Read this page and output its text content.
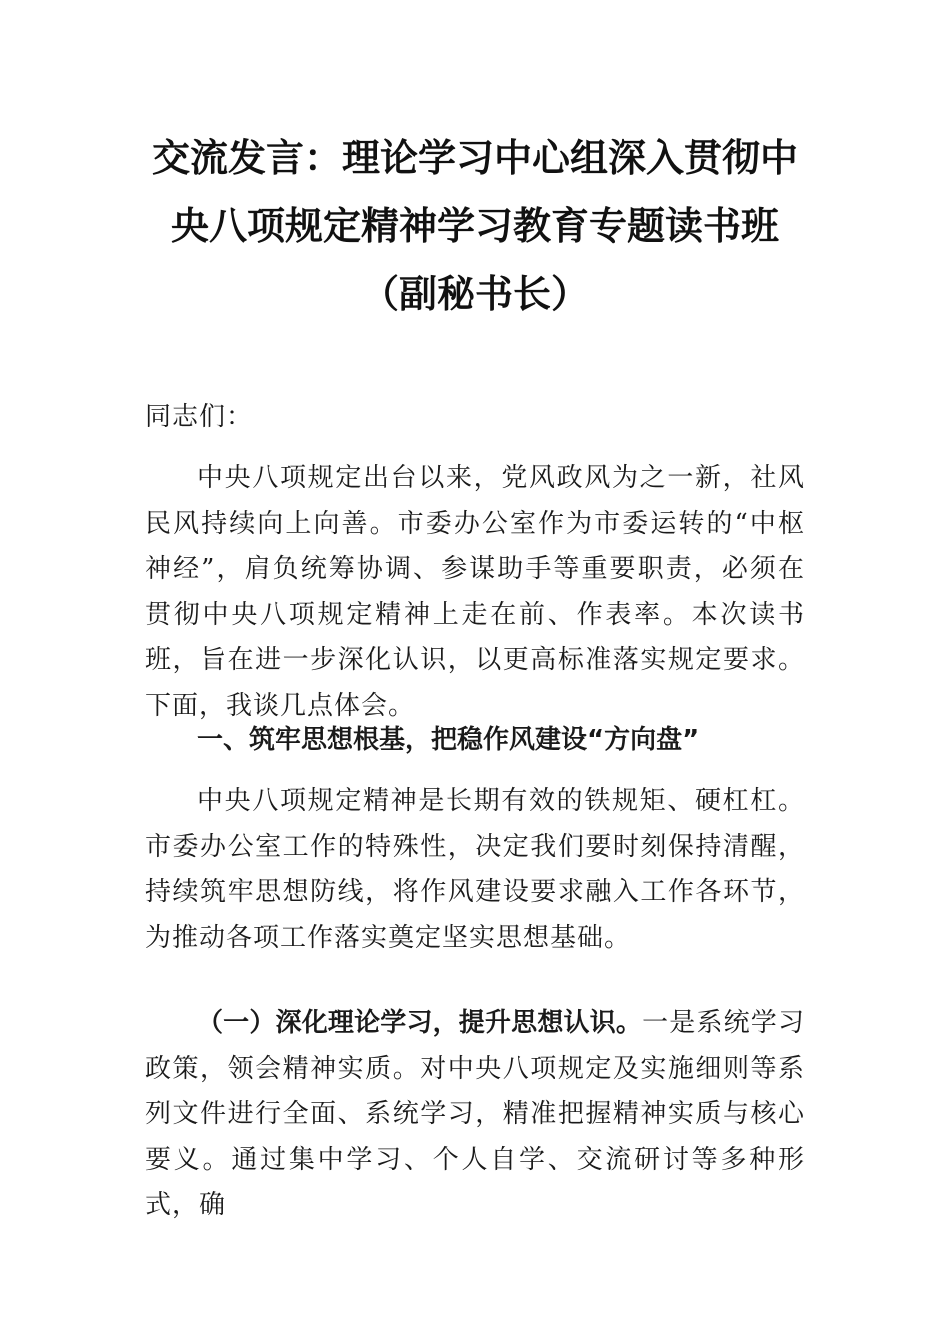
交流发言：理论学习中心组深入贯彻中央八项规定精神学习教育专题读书班（副秘书长）

同志们：

中央八项规定出台以来，党风政风为之一新，社风民风持续向上向善。市委办公室作为市委运转的“中枢神经”，肩负统筹协调、参谋助手等重要职责，必须在贯彻中央八项规定精神上走在前、作表率。本次读书班，旨在进一步深化认识，以更高标准落实规定要求。下面，我谈几点体会。

一、筑牢思想根基，把稳作风建设“方向盘”

中央八项规定精神是长期有效的铁规矩、硬杠杠。市委办公室工作的特殊性，决定我们要时刻保持清醒，持续筑牢思想防线，将作风建设要求融入工作各环节，为推动各项工作落实奠定坚实思想基础。

（一）深化理论学习，提升思想认识。一是系统学习政策，领会精神实质。对中央八项规定及实施细则等系列文件进行全面、系统学习，精准把握精神实质与核心要义。通过集中学习、个人自学、交流研讨等多种形式，确
